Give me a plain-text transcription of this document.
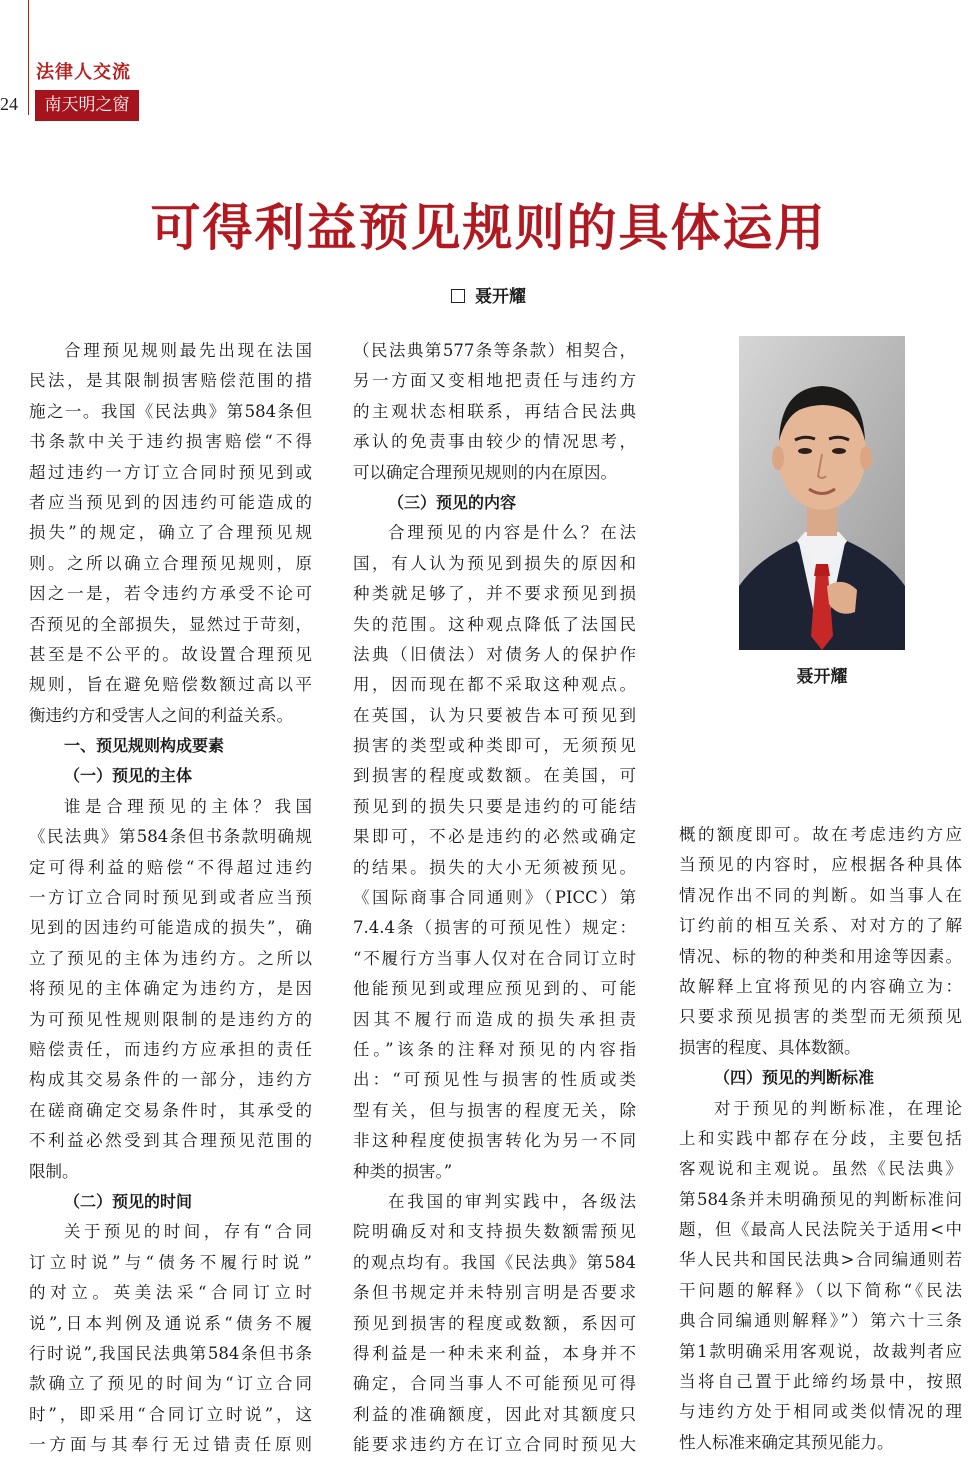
24
法律人交流
南天明之窗
可得利益预见规则的具体运用
聂开耀
合理预见规则最先出现在法国
民法，是其限制损害赔偿范围的措
施之一。我国《民法典》第584条但
书条款中关于违约损害赔偿“不得
超过违约一方订立合同时预见到或
者应当预见到的因违约可能造成的
损失”的规定，确立了合理预见规
则。之所以确立合理预见规则，原
因之一是，若令违约方承受不论可
否预见的全部损失，显然过于苛刻，
甚至是不公平的。故设置合理预见
规则，旨在避免赔偿数额过高以平
衡违约方和受害人之间的利益关系。
一、预见规则构成要素
（一）预见的主体
谁是合理预见的主体？我国
《民法典》第584条但书条款明确规
定可得利益的赔偿“不得超过违约
一方订立合同时预见到或者应当预
见到的因违约可能造成的损失”，确
立了预见的主体为违约方。之所以
将预见的主体确定为违约方，是因
为可预见性规则限制的是违约方的
赔偿责任，而违约方应承担的责任
构成其交易条件的一部分，违约方
在磋商确定交易条件时，其承受的
不利益必然受到其合理预见范围的
限制。
（二）预见的时间
关于预见的时间，存有“合同
订立时说”与“债务不履行时说”
的对立。英美法采“合同订立时
说”,日本判例及通说系“债务不履
行时说”,我国民法典第584条但书条
款确立了预见的时间为“订立合同
时”，即采用“合同订立时说”，这
一方面与其奉行无过错责任原则
（民法典第577条等条款）相契合，
另一方面又变相地把责任与违约方
的主观状态相联系，再结合民法典
承认的免责事由较少的情况思考，
可以确定合理预见规则的内在原因。
（三）预见的内容
合理预见的内容是什么？在法
国，有人认为预见到损失的原因和
种类就足够了，并不要求预见到损
失的范围。这种观点降低了法国民
法典（旧债法）对债务人的保护作
用，因而现在都不采取这种观点。
在英国，认为只要被告本可预见到
损害的类型或种类即可，无须预见
到损害的程度或数额。在美国，可
预见到的损失只要是违约的可能结
果即可，不必是违约的必然或确定
的结果。损失的大小无须被预见。
《国际商事合同通则》（PICC）第
7.4.4条（损害的可预见性）规定：
“不履行方当事人仅对在合同订立时
他能预见到或理应预见到的、可能
因其不履行而造成的损失承担责
任。”该条的注释对预见的内容指
出：“可预见性与损害的性质或类
型有关，但与损害的程度无关，除
非这种程度使损害转化为另一不同
种类的损害。”
在我国的审判实践中，各级法
院明确反对和支持损失数额需预见
的观点均有。我国《民法典》第584
条但书规定并未特别言明是否要求
预见到损害的程度或数额，系因可
得利益是一种未来利益，本身并不
确定，合同当事人不可能预见可得
利益的准确额度，因此对其额度只
能要求违约方在订立合同时预见大
概的额度即可。故在考虑违约方应
当预见的内容时，应根据各种具体
情况作出不同的判断。如当事人在
订约前的相互关系、对对方的了解
情况、标的物的种类和用途等因素。
故解释上宜将预见的内容确立为：
只要求预见损害的类型而无须预见
损害的程度、具体数额。
（四）预见的判断标准
对于预见的判断标准，在理论
上和实践中都存在分歧，主要包括
客观说和主观说。虽然《民法典》
第584条并未明确预见的判断标准问
题，但《最高人民法院关于适用<中
华人民共和国民法典>合同编通则若
干问题的解释》（以下简称“《民法
典合同编通则解释》”）第六十三条
第1款明确采用客观说，故裁判者应
当将自己置于此缔约场景中，按照
与违约方处于相同或类似情况的理
性人标准来确定其预见能力。
聂开耀
